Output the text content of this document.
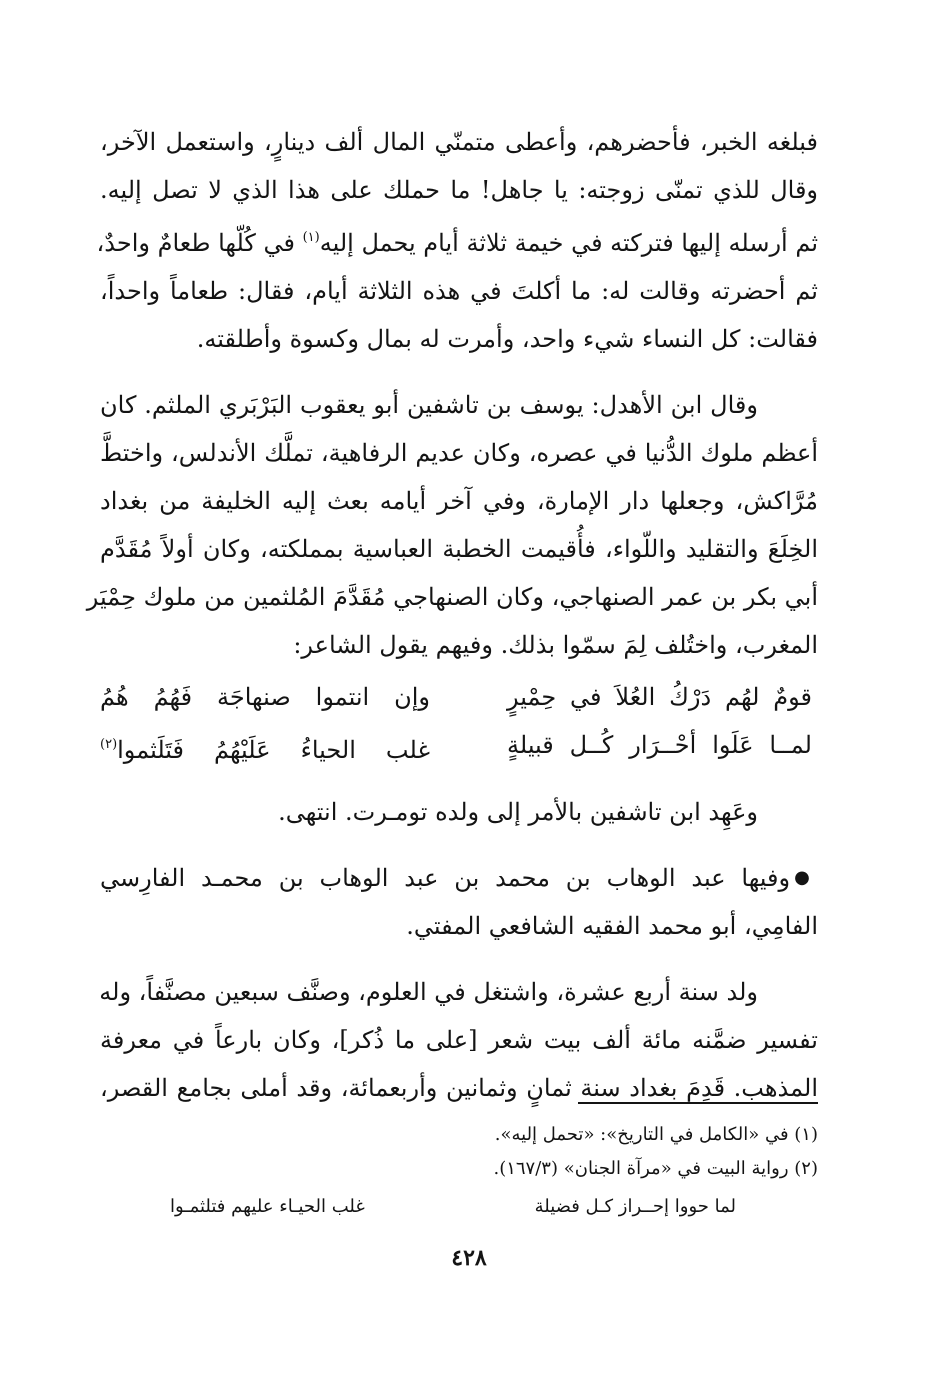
فبلغه الخبر، فأحضرهم، وأعطى متمنّي المال ألف دينارٍ، واستعمل الآخر،
وقال للذي تمنّى زوجته: يا جاهل! ما حملك على هذا الذي لا تصل إليه.
ثم أرسله إليها فتركته في خيمة ثلاثة أيام يحمل إليه$^{(١)}$ في كُلّها طعامٌ واحدٌ،
ثم أحضرته وقالت له: ما أكلتَ في هذه الثلاثة أيام، فقال: طعاماً واحداً،
فقالت: كل النساء شيء واحد، وأمرت له بمال وكسوة وأطلقته.

وقال ابن الأهدل: يوسف بن تاشفين أبو يعقوب البَرْبَري الملثم. كان
أعظم ملوك الدُّنيا في عصره، وكان عديم الرفاهية، تملَّك الأندلس، واختطَّ
مُرَّاكش، وجعلها دار الإمارة، وفي آخر أيامه بعث إليه الخليفة من بغداد
الخِلَعَ والتقليد واللّواء، فأُقيمت الخطبة العباسية بمملكته، وكان أولاً مُقَدَّم
أبي بكر بن عمر الصنهاجي، وكان الصنهاجي مُقَدَّمَ المُلثمين من ملوك حِمْيَر
المغرب، واختُلف لِمَ سمّوا بذلك. وفيهم يقول الشاعر:

قومٌ لهُم دَرْكُ العُلاَ في حِمْيرٍ
وإن انتموا صنهاجَة فَهُمُ هُمُ
لمــا عَلَوا أحْــرَار كُــل قبيلةٍ
غلب الحياءُ عَلَيْهُمُ فَتَلَثموا$^{(٢)}$

وعَهِد ابن تاشفين بالأمر إلى ولده تومـرت. انتهى.

●وفيها عبد الوهاب بن محمد بن عبد الوهاب بن محمـد الفارِسي
الفامِي، أبو محمد الفقيه الشافعي المفتي.

ولد سنة أربع عشرة، واشتغل في العلوم، وصنَّف سبعين مصنَّفاً، وله
تفسير ضمَّنه مائة ألف بيت شعر [على ما ذُكر]، وكان بارعاً في معرفة
المذهب. قَدِمَ بغداد سنة ثمانٍ وثمانين وأربعمائة، وقد أملى بجامع القصر،

(١) في «الكامل في التاريخ»: «تحمل إليه».
(٢) رواية البيت في «مرآة الجنان» (١٦٧/٣).
لما حووا إحــراز كـل فضيلة
غلب الحيـاء عليهم فتلثمـوا
٤٢٨
